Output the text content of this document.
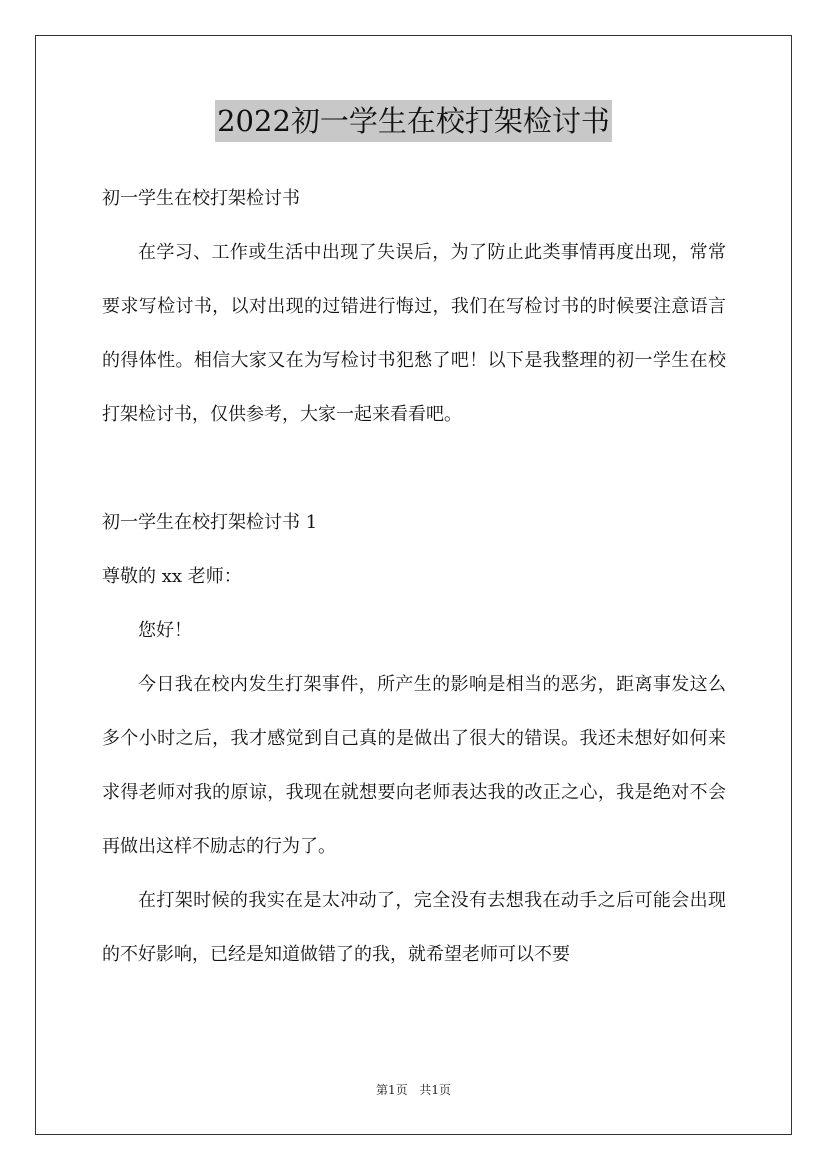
2022初一学生在校打架检讨书

初一学生在校打架检讨书

在学习、工作或生活中出现了失误后，为了防止此类事情再度出现，常常要求写检讨书，以对出现的过错进行悔过，我们在写检讨书的时候要注意语言的得体性。相信大家又在为写检讨书犯愁了吧！以下是我整理的初一学生在校打架检讨书，仅供参考，大家一起来看看吧。

初一学生在校打架检讨书 1

尊敬的 xx 老师：

您好！

今日我在校内发生打架事件，所产生的影响是相当的恶劣，距离事发这么多个小时之后，我才感觉到自己真的是做出了很大的错误。我还未想好如何来求得老师对我的原谅，我现在就想要向老师表达我的改正之心，我是绝对不会再做出这样不励志的行为了。

在打架时候的我实在是太冲动了，完全没有去想我在动手之后可能会出现的不好影响，已经是知道做错了的我，就希望老师可以不要

第1页 共1页
